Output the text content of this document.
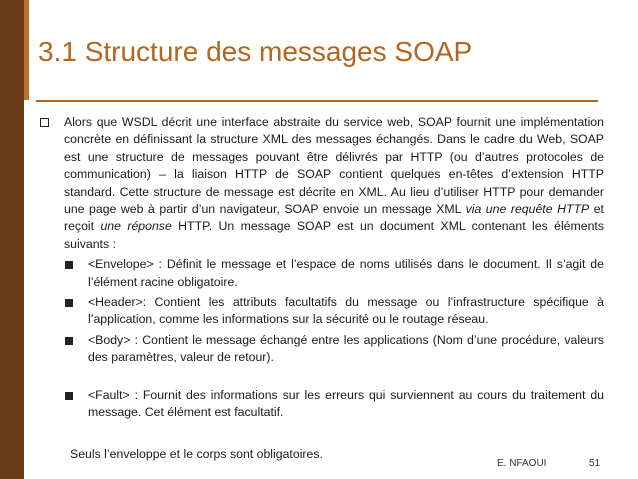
3.1 Structure des messages SOAP

Alors que WSDL décrit une interface abstraite du service web, SOAP fournit une implémentation concrète en définissant la structure XML des messages échangés. Dans le cadre du Web, SOAP est une structure de messages pouvant être délivrés par HTTP (ou d’autres protocoles de communication) – la liaison HTTP de SOAP contient quelques en-têtes d’extension HTTP standard. Cette structure de message est décrite en XML. Au lieu d’utiliser HTTP pour demander une page web à partir d’un navigateur, SOAP envoie un message XML via une requête HTTP et reçoit une réponse HTTP. Un message SOAP est un document XML contenant les éléments suivants :

<Envelope> : Définit le message et l’espace de noms utilisés dans le document. Il s’agit de l’élément racine obligatoire.
<Header>: Contient les attributs facultatifs du message ou l’infrastructure spécifique à l’application, comme les informations sur la sécurité ou le routage réseau.
<Body> : Contient le message échangé entre les applications (Nom d’une procédure, valeurs des paramètres, valeur de retour).
<Fault> : Fournit des informations sur les erreurs qui surviennent au cours du traitement du message. Cet élément est facultatif.

Seuls l’enveloppe et le corps sont obligatoires.

E. NFAOUI	51
